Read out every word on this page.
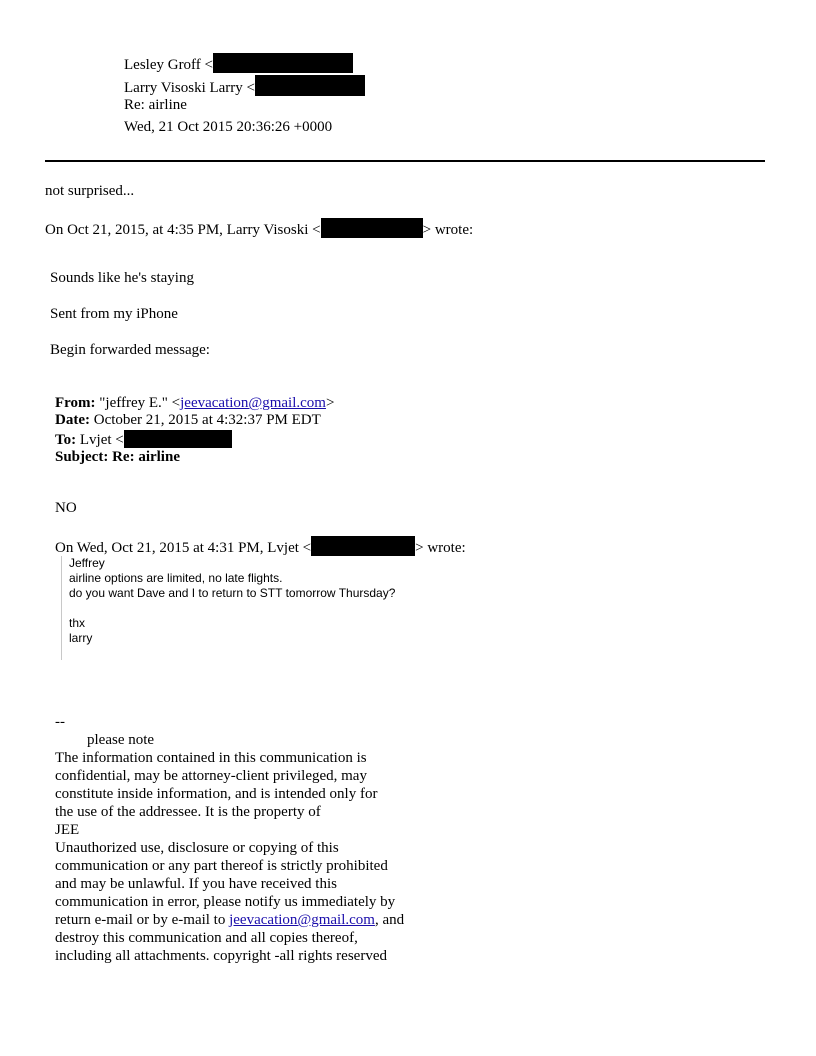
Lesley Groff <
Larry Visoski Larry <
Re: airline
Wed, 21 Oct 2015 20:36:26 +0000
not surprised...
On Oct 21, 2015, at 4:35 PM, Larry Visoski <	> wrote:
Sounds like he's staying
Sent from my iPhone
Begin forwarded message:
From: "jeffrey E." <jeevacation@gmail.com>
Date: October 21, 2015 at 4:32:37 PM EDT
To: Lvjet <
Subject: Re: airline
NO
On Wed, Oct 21, 2015 at 4:31 PM, Lvjet <	> wrote:
Jeffrey
airline options are limited, no late flights.
do you want Dave and I to return to STT tomorrow Thursday?
thx
larry
--
please note
The information contained in this communication is
confidential, may be attorney-client privileged, may
constitute inside information, and is intended only for
the use of the addressee. It is the property of
JEE
Unauthorized use, disclosure or copying of this
communication or any part thereof is strictly prohibited
and may be unlawful. If you have received this
communication in error, please notify us immediately by
return e-mail or by e-mail to jeevacation@gmail.com, and
destroy this communication and all copies thereof,
including all attachments. copyright -all rights reserved
